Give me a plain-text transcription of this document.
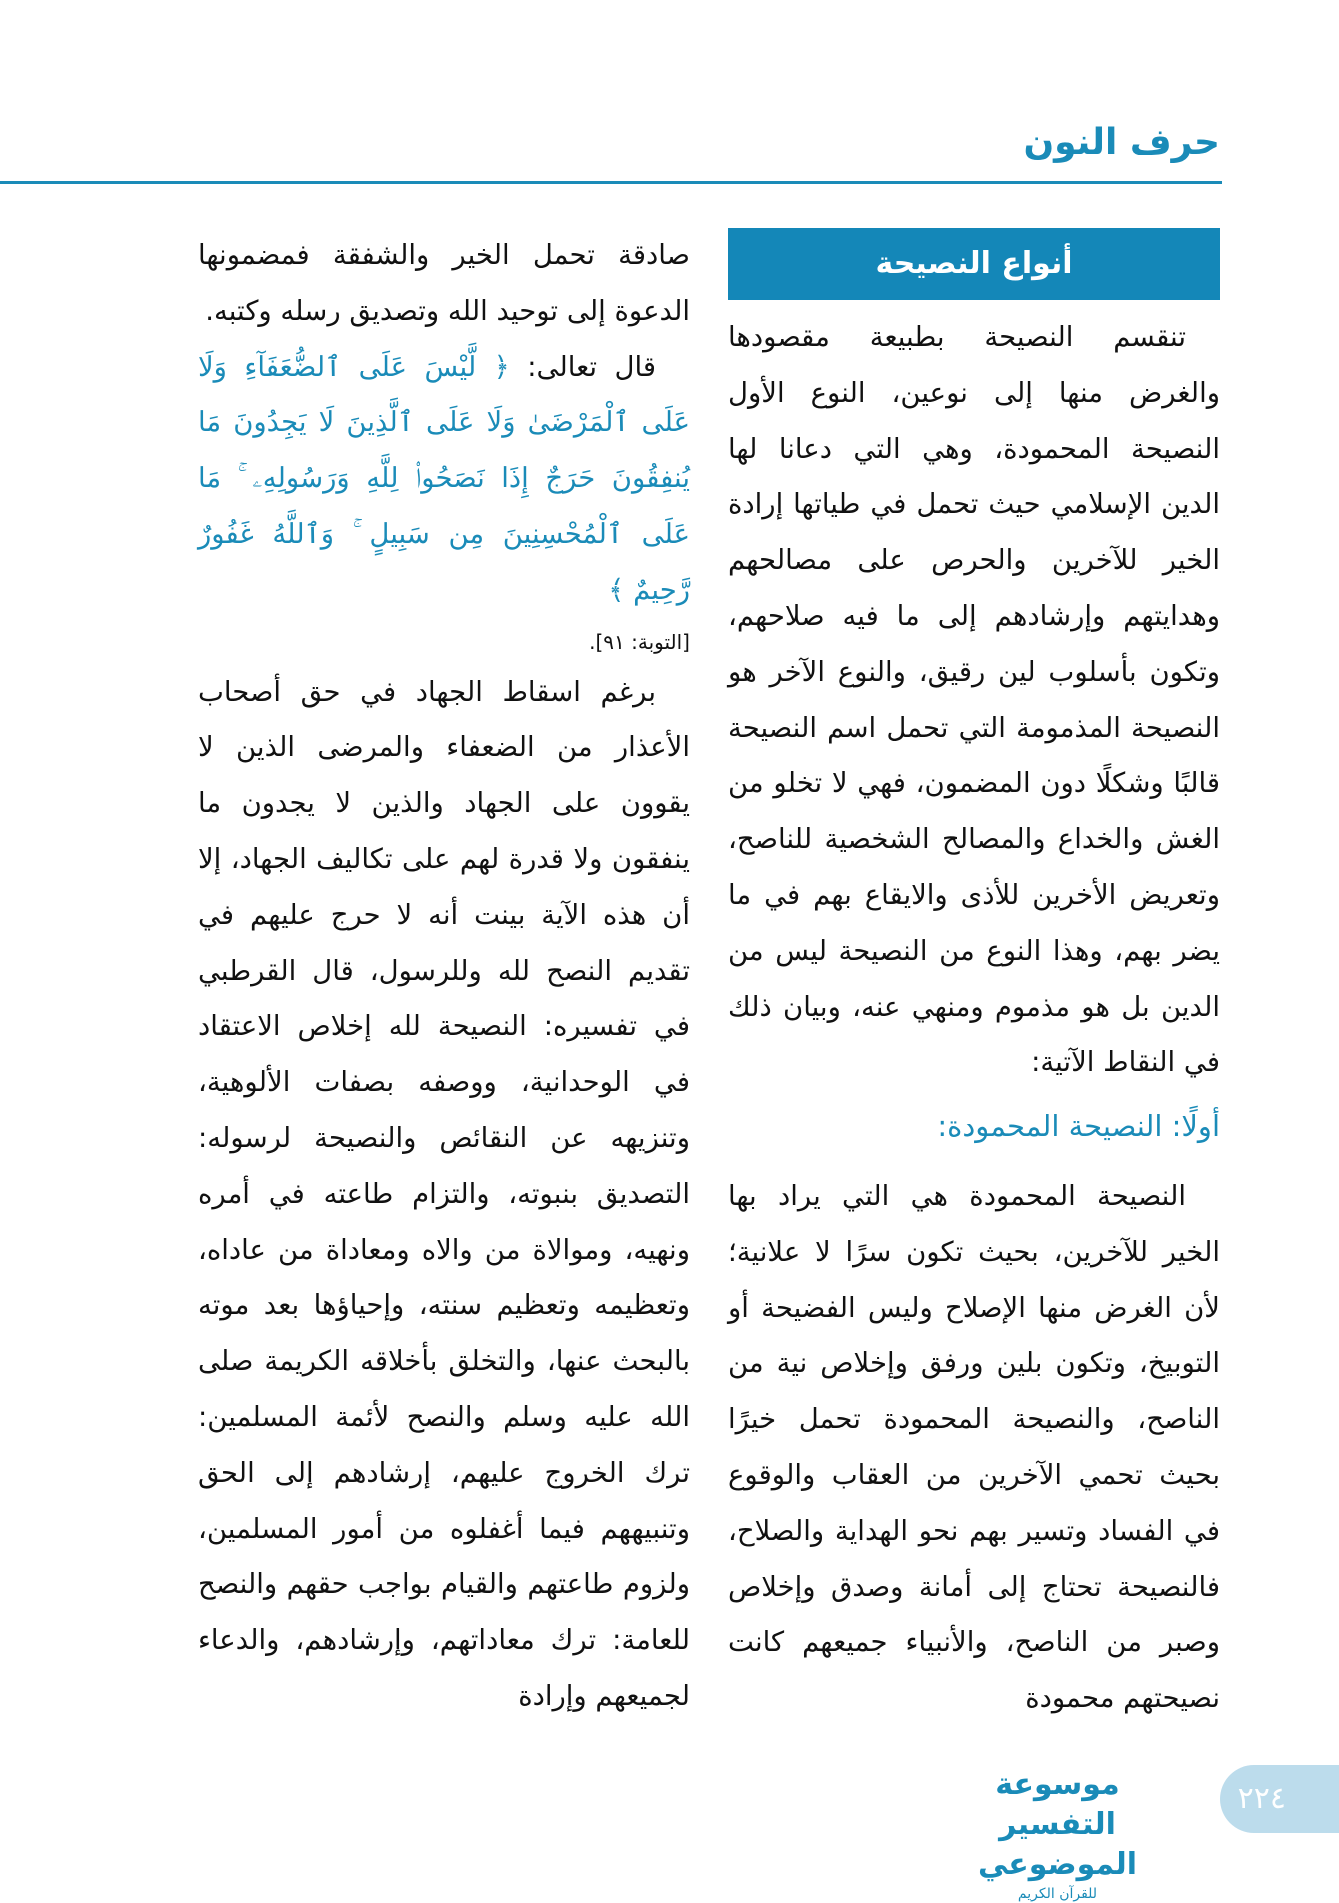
حرف النون
أنواع النصيحة

تنقسم النصيحة بطبيعة مقصودها والغرض منها إلى نوعين، النوع الأول النصيحة المحمودة، وهي التي دعانا لها الدين الإسلامي حيث تحمل في طياتها إرادة الخير للآخرين والحرص على مصالحهم وهدايتهم وإرشادهم إلى ما فيه صلاحهم، وتكون بأسلوب لين رقيق، والنوع الآخر هو النصيحة المذمومة التي تحمل اسم النصيحة قالبًا وشكلًا دون المضمون، فهي لا تخلو من الغش والخداع والمصالح الشخصية للناصح، وتعريض الأخرين للأذى والايقاع بهم في ما يضر بهم، وهذا النوع من النصيحة ليس من الدين بل هو مذموم ومنهي عنه، وبيان ذلك في النقاط الآتية:

أولًا: النصيحة المحمودة:

النصيحة المحمودة هي التي يراد بها الخير للآخرين، بحيث تكون سرًا لا علانية؛ لأن الغرض منها الإصلاح وليس الفضيحة أو التوبيخ، وتكون بلين ورفق وإخلاص نية من الناصح، والنصيحة المحمودة تحمل خيرًا بحيث تحمي الآخرين من العقاب والوقوع في الفساد وتسير بهم نحو الهداية والصلاح، فالنصيحة تحتاج إلى أمانة وصدق وإخلاص وصبر من الناصح، والأنبياء جميعهم كانت نصيحتهم محمودة

صادقة تحمل الخير والشفقة فمضمونها الدعوة إلى توحيد الله وتصديق رسله وكتبه.

قال تعالى: ﴿ لَّيْسَ عَلَى ٱلضُّعَفَآءِ وَلَا عَلَى ٱلْمَرْضَىٰ وَلَا عَلَى ٱلَّذِينَ لَا يَجِدُونَ مَا يُنفِقُونَ حَرَجٌ إِذَا نَصَحُوا۟ لِلَّهِ وَرَسُولِهِۦ ۚ مَا عَلَى ٱلْمُحْسِنِينَ مِن سَبِيلٍ ۚ وَٱللَّهُ غَفُورٌ رَّحِيمٌ ﴾

[التوبة: ٩١].

برغم اسقاط الجهاد في حق أصحاب الأعذار من الضعفاء والمرضى الذين لا يقوون على الجهاد والذين لا يجدون ما ينفقون ولا قدرة لهم على تكاليف الجهاد، إلا أن هذه الآية بينت أنه لا حرج عليهم في تقديم النصح لله وللرسول، قال القرطبي في تفسيره: النصيحة لله إخلاص الاعتقاد في الوحدانية، ووصفه بصفات الألوهية، وتنزيهه عن النقائص والنصيحة لرسوله: التصديق بنبوته، والتزام طاعته في أمره ونهيه، وموالاة من والاه ومعاداة من عاداه، وتعظيمه وتعظيم سنته، وإحياؤها بعد موته بالبحث عنها، والتخلق بأخلاقه الكريمة صلى الله عليه وسلم والنصح لأئمة المسلمين: ترك الخروج عليهم، إرشادهم إلى الحق وتنبيههم فيما أغفلوه من أمور المسلمين، ولزوم طاعتهم والقيام بواجب حقهم والنصح للعامة: ترك معاداتهم، وإرشادهم، والدعاء لجميعهم وإرادة

موسوعة التفسير الموضوعي
للقرآن الكريم
٢٢٤
